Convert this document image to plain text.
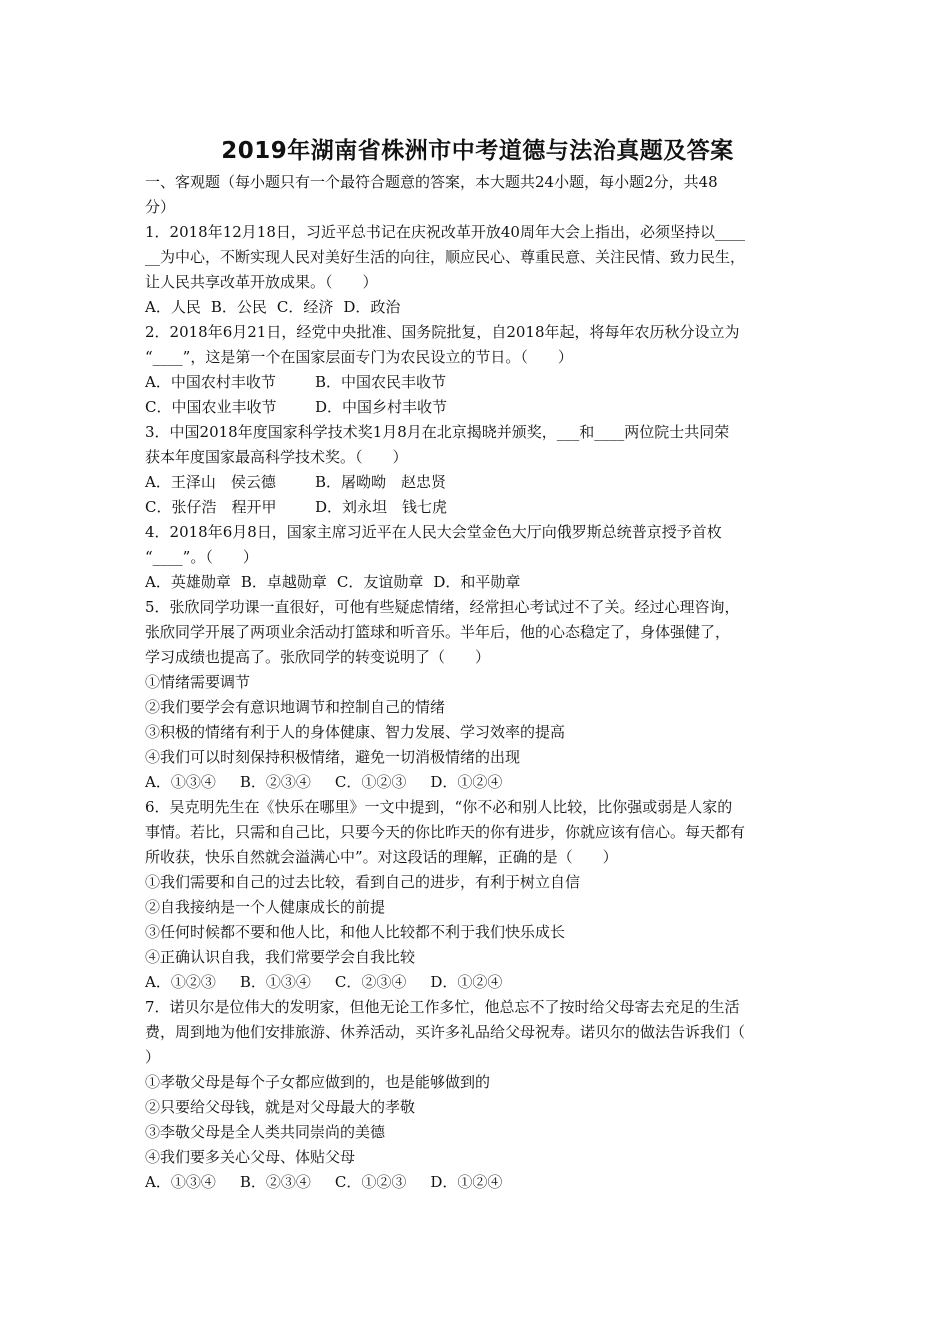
2019年湖南省株洲市中考道德与法治真题及答案
一、客观题（每小题只有一个最符合题意的答案，本大题共24小题，每小题2分，共48
分）
1．2018年12月18日，习近平总书记在庆祝改革开放40周年大会上指出，必须坚持以____
__为中心，不断实现人民对美好生活的向往，顺应民心、尊重民意、关注民情、致力民生，
让人民共享改革开放成果。（　　）
A．人民 B．公民 C．经济 D．政治
2．2018年6月21日，经党中央批准、国务院批复，自2018年起，将每年农历秋分设立为
“____”，这是第一个在国家层面专门为农民设立的节日。（　　）
A．中国农村丰收节	B．中国农民丰收节
C．中国农业丰收节	D．中国乡村丰收节
3．中国2018年度国家科学技术奖1月8月在北京揭晓并颁奖，___和____两位院士共同荣
获本年度国家最高科学技术奖。（　　）
A．王泽山　侯云德	B．屠呦呦　赵忠贤
C．张仔浩　程开甲	D．刘永坦　钱七虎
4．2018年6月8日，国家主席习近平在人民大会堂金色大厅向俄罗斯总统普京授予首枚
“____”。（　　）
A．英雄勋章 B．卓越勋章 C．友谊勋章 D．和平勋章
5．张欣同学功课一直很好，可他有些疑虑情绪，经常担心考试过不了关。经过心理咨询，
张欣同学开展了两项业余活动打篮球和听音乐。半年后，他的心态稳定了，身体强健了，
学习成绩也提高了。张欣同学的转变说明了（　　）
①情绪需要调节
②我们要学会有意识地调节和控制自己的情绪
③积极的情绪有利于人的身体健康、智力发展、学习效率的提高
④我们可以时刻保持积极情绪，避免一切消极情绪的出现
A．①③④ B．②③④ C．①②③ D．①②④
6．吴克明先生在《快乐在哪里》一文中提到，“你不必和别人比较，比你强或弱是人家的
事情。若比，只需和自己比，只要今天的你比昨天的你有进步，你就应该有信心。每天都有
所收获，快乐自然就会溢满心中”。对这段话的理解，正确的是（　　）
①我们需要和自己的过去比较，看到自己的进步，有利于树立自信
②自我接纳是一个人健康成长的前提
③任何时候都不要和他人比，和他人比较都不利于我们快乐成长
④正确认识自我，我们常要学会自我比较
A．①②③ B．①③④ C．②③④ D．①②④
7．诺贝尔是位伟大的发明家，但他无论工作多忙，他总忘不了按时给父母寄去充足的生活
费，周到地为他们安排旅游、休养活动，买许多礼品给父母祝寿。诺贝尔的做法告诉我们（
）
①孝敬父母是每个子女都应做到的，也是能够做到的
②只要给父母钱，就是对父母最大的孝敬
③李敬父母是全人类共同崇尚的美德
④我们要多关心父母、体贴父母
A．①③④ B．②③④ C．①②③ D．①②④
